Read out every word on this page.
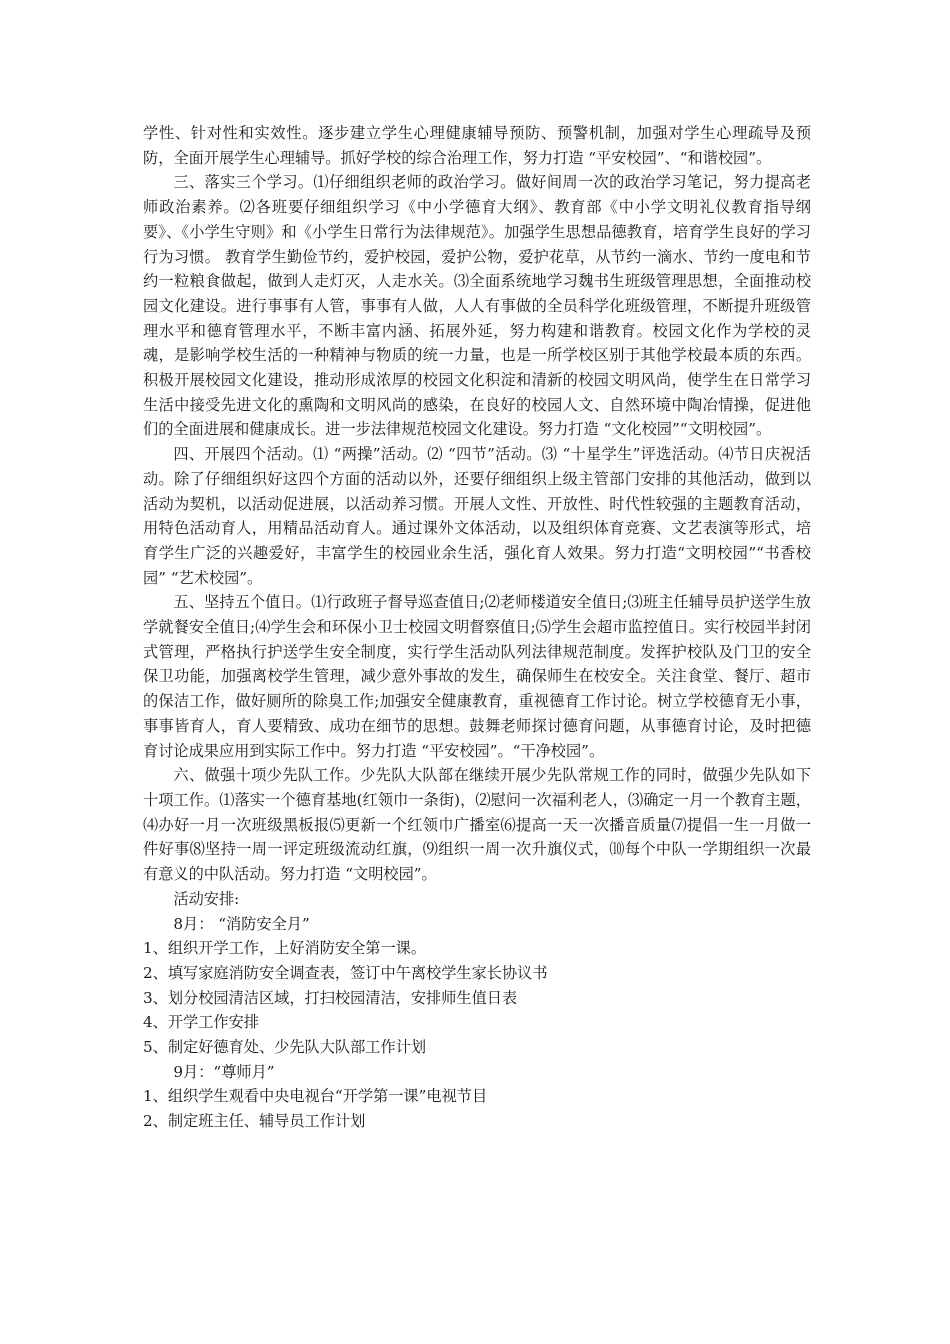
学性、针对性和实效性。逐步建立学生心理健康辅导预防、预警机制，加强对学生心理疏导及预防，全面开展学生心理辅导。抓好学校的综合治理工作，努力打造 “平安校园”、“和谐校园”。

三、落实三个学习。⑴仔细组织老师的政治学习。做好间周一次的政治学习笔记，努力提高老师政治素养。⑵各班要仔细组织学习《中小学德育大纲》、教育部《中小学文明礼仪教育指导纲要》、《小学生守则》和《小学生日常行为法律规范》。加强学生思想品德教育，培育学生良好的学习行为习惯。 教育学生勤俭节约，爱护校园，爱护公物，爱护花草，从节约一滴水、节约一度电和节约一粒粮食做起，做到人走灯灭，人走水关。⑶全面系统地学习魏书生班级管理思想，全面推动校园文化建设。进行事事有人管，事事有人做，人人有事做的全员科学化班级管理，不断提升班级管理水平和德育管理水平，不断丰富内涵、拓展外延，努力构建和谐教育。校园文化作为学校的灵魂，是影响学校生活的一种精神与物质的统一力量，也是一所学校区别于其他学校最本质的东西。积极开展校园文化建设，推动形成浓厚的校园文化积淀和清新的校园文明风尚，使学生在日常学习生活中接受先进文化的熏陶和文明风尚的感染，在良好的校园人文、自然环境中陶冶情操，促进他们的全面进展和健康成长。进一步法律规范校园文化建设。努力打造 “文化校园”“文明校园”。

四、开展四个活动。⑴ “两操”活动。⑵ “四节”活动。⑶ “十星学生”评选活动。⑷节日庆祝活动。除了仔细组织好这四个方面的活动以外，还要仔细组织上级主管部门安排的其他活动，做到以活动为契机，以活动促进展，以活动养习惯。开展人文性、开放性、时代性较强的主题教育活动，用特色活动育人，用精品活动育人。通过课外文体活动，以及组织体育竞赛、文艺表演等形式，培育学生广泛的兴趣爱好，丰富学生的校园业余生活，强化育人效果。努力打造“文明校园”“书香校园” “艺术校园”。

五、坚持五个值日。⑴行政班子督导巡查值日;⑵老师楼道安全值日;⑶班主任辅导员护送学生放学就餐安全值日;⑷学生会和环保小卫士校园文明督察值日;⑸学生会超市监控值日。实行校园半封闭式管理，严格执行护送学生安全制度，实行学生活动队列法律规范制度。发挥护校队及门卫的安全保卫功能，加强离校学生管理，减少意外事故的发生，确保师生在校安全。关注食堂、餐厅、超市的保洁工作，做好厕所的除臭工作;加强安全健康教育，重视德育工作讨论。树立学校德育无小事，事事皆育人，育人要精致、成功在细节的思想。鼓舞老师探讨德育问题，从事德育讨论，及时把德育讨论成果应用到实际工作中。努力打造 “平安校园”。“干净校园”。

六、做强十项少先队工作。少先队大队部在继续开展少先队常规工作的同时，做强少先队如下十项工作。⑴落实一个德育基地(红领巾一条街)，⑵慰问一次福利老人，⑶确定一月一个教育主题，⑷办好一月一次班级黑板报⑸更新一个红领巾广播室⑹提高一天一次播音质量⑺提倡一生一月做一件好事⑻坚持一周一评定班级流动红旗，⑼组织一周一次升旗仪式，⑽每个中队一学期组织一次最有意义的中队活动。努力打造 “文明校园”。

活动安排:

8月： “消防安全月”

1、组织开学工作，上好消防安全第一课。

2、填写家庭消防安全调查表，签订中午离校学生家长协议书

3、划分校园清洁区域，打扫校园清洁，安排师生值日表

4、开学工作安排

5、制定好德育处、少先队大队部工作计划

9月：“尊师月”

1、组织学生观看中央电视台“开学第一课”电视节目

2、制定班主任、辅导员工作计划
